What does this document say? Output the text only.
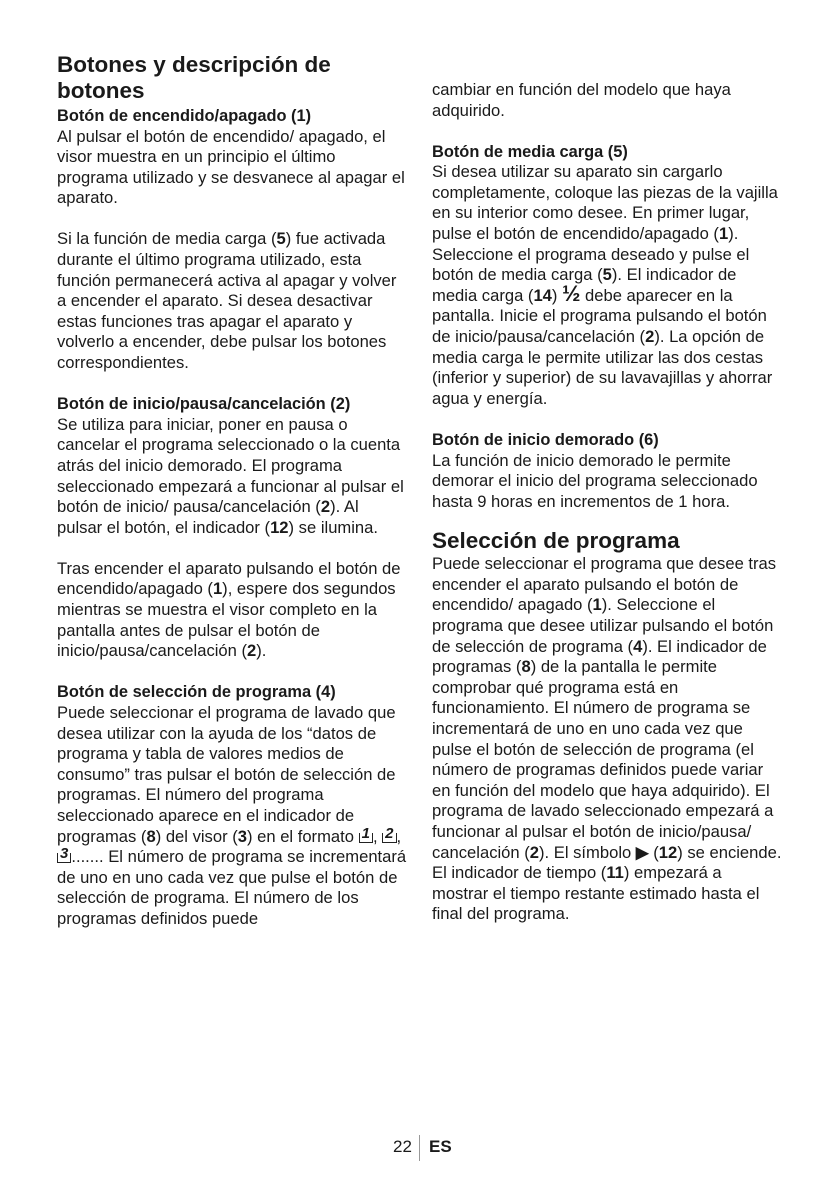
Botones y descripción de botones
Botón de encendido/apagado (1)

Al pulsar el botón de encendido/ apagado, el visor muestra en un principio el último programa utilizado y se desvanece al apagar el aparato.

Si la función de media carga (5) fue activada durante el último programa utilizado, esta función permanecerá activa al apagar y volver a encender el aparato. Si desea desactivar estas funciones tras apagar el aparato y volverlo a encender, debe pulsar los botones correspondientes.

Botón de inicio/pausa/cancelación (2)

Se utiliza para iniciar, poner en pausa o cancelar el programa seleccionado o la cuenta atrás del inicio demorado. El programa seleccionado empezará a funcionar al pulsar el botón de inicio/ pausa/cancelación (2). Al pulsar el botón, el indicador (12) se ilumina.

Tras encender el aparato pulsando el botón de encendido/apagado (1), espere dos segundos mientras se muestra el visor completo en la pantalla antes de pulsar el botón de inicio/pausa/cancelación (2).

Botón de selección de programa (4)

Puede seleccionar el programa de lavado que desea utilizar con la ayuda de los “datos de programa y tabla de valores medios de consumo” tras pulsar el botón de selección de programas. El número del programa seleccionado aparece en el indicador de programas (8) del visor (3) en el formato 1 , 2 , 3 ....... El número de programa se incrementará de uno en uno cada vez que pulse el botón de selección de programa. El número de los programas definidos puede

cambiar en función del modelo que haya adquirido.

Botón de media carga (5)

Si desea utilizar su aparato sin cargarlo completamente, coloque las piezas de la vajilla en su interior como desee. En primer lugar, pulse el botón de encendido/apagado (1). Seleccione el programa deseado y pulse el botón de media carga (5). El indicador de media carga (14) ½ debe aparecer en la pantalla. Inicie el programa pulsando el botón de inicio/pausa/cancelación (2). La opción de media carga le permite utilizar las dos cestas (inferior y superior) de su lavavajillas y ahorrar agua y energía.

Botón de inicio demorado (6)

La función de inicio demorado le permite demorar el inicio del programa seleccionado hasta 9 horas en incrementos de 1 hora.

Selección de programa

Puede seleccionar el programa que desee tras encender el aparato pulsando el botón de encendido/ apagado (1). Seleccione el programa que desee utilizar pulsando el botón de selección de programa (4). El indicador de programas (8) de la pantalla le permite comprobar qué programa está en funcionamiento. El número de programa se incrementará de uno en uno cada vez que pulse el botón de selección de programa (el número de programas definidos puede variar en función del modelo que haya adquirido). El programa de lavado seleccionado empezará a funcionar al pulsar el botón de inicio/pausa/ cancelación (2). El símbolo ▶ (12) se enciende. El indicador de tiempo (11) empezará a mostrar el tiempo restante estimado hasta el final del programa.

22 ES
